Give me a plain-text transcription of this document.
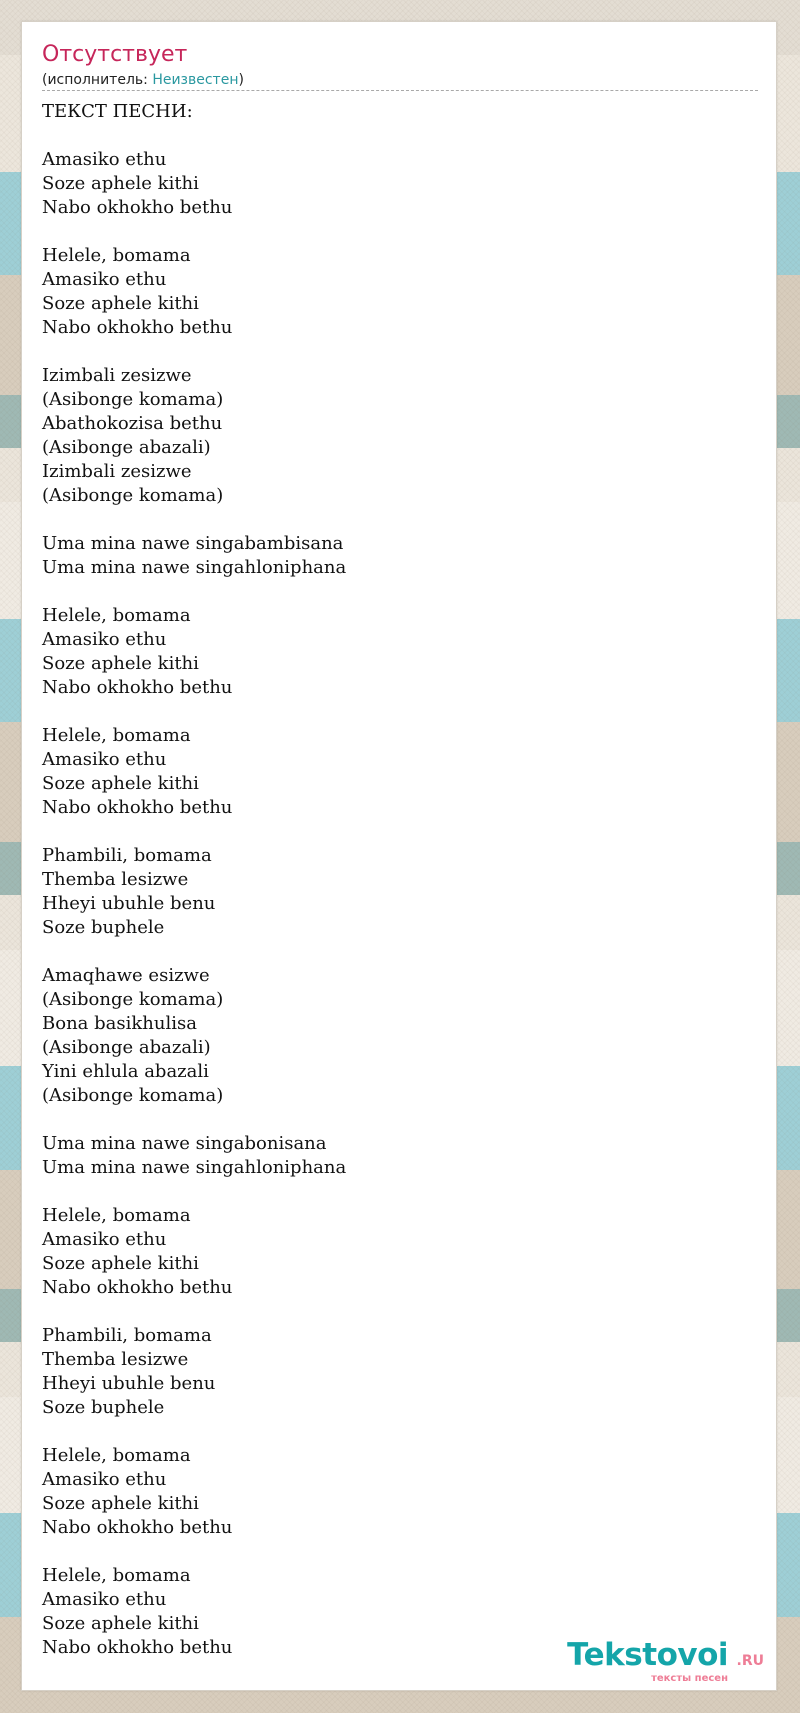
Отсутствует
(исполнитель: Неизвестен)
ТЕКСТ ПЕСНИ:
Amasiko ethu
Soze aphele kithi
Nabo okhokho bethu
Helele, bomama
Amasiko ethu
Soze aphele kithi
Nabo okhokho bethu
Izimbali zesizwe
(Asibonge komama)
Abathokozisa bethu
(Asibonge abazali)
Izimbali zesizwe
(Asibonge komama)
Uma mina nawe singabambisana
Uma mina nawe singahloniphana
Helele, bomama
Amasiko ethu
Soze aphele kithi
Nabo okhokho bethu
Helele, bomama
Amasiko ethu
Soze aphele kithi
Nabo okhokho bethu
Phambili, bomama
Themba lesizwe
Hheyi ubuhle benu
Soze buphele
Amaqhawe esizwe
(Asibonge komama)
Bona basikhulisa
(Asibonge abazali)
Yini ehlula abazali
(Asibonge komama)
Uma mina nawe singabonisana
Uma mina nawe singahloniphana
Helele, bomama
Amasiko ethu
Soze aphele kithi
Nabo okhokho bethu
Phambili, bomama
Themba lesizwe
Hheyi ubuhle benu
Soze buphele
Helele, bomama
Amasiko ethu
Soze aphele kithi
Nabo okhokho bethu
Helele, bomama
Amasiko ethu
Soze aphele kithi
Nabo okhokho bethu	Tekstovoi .RU
тексты песен
